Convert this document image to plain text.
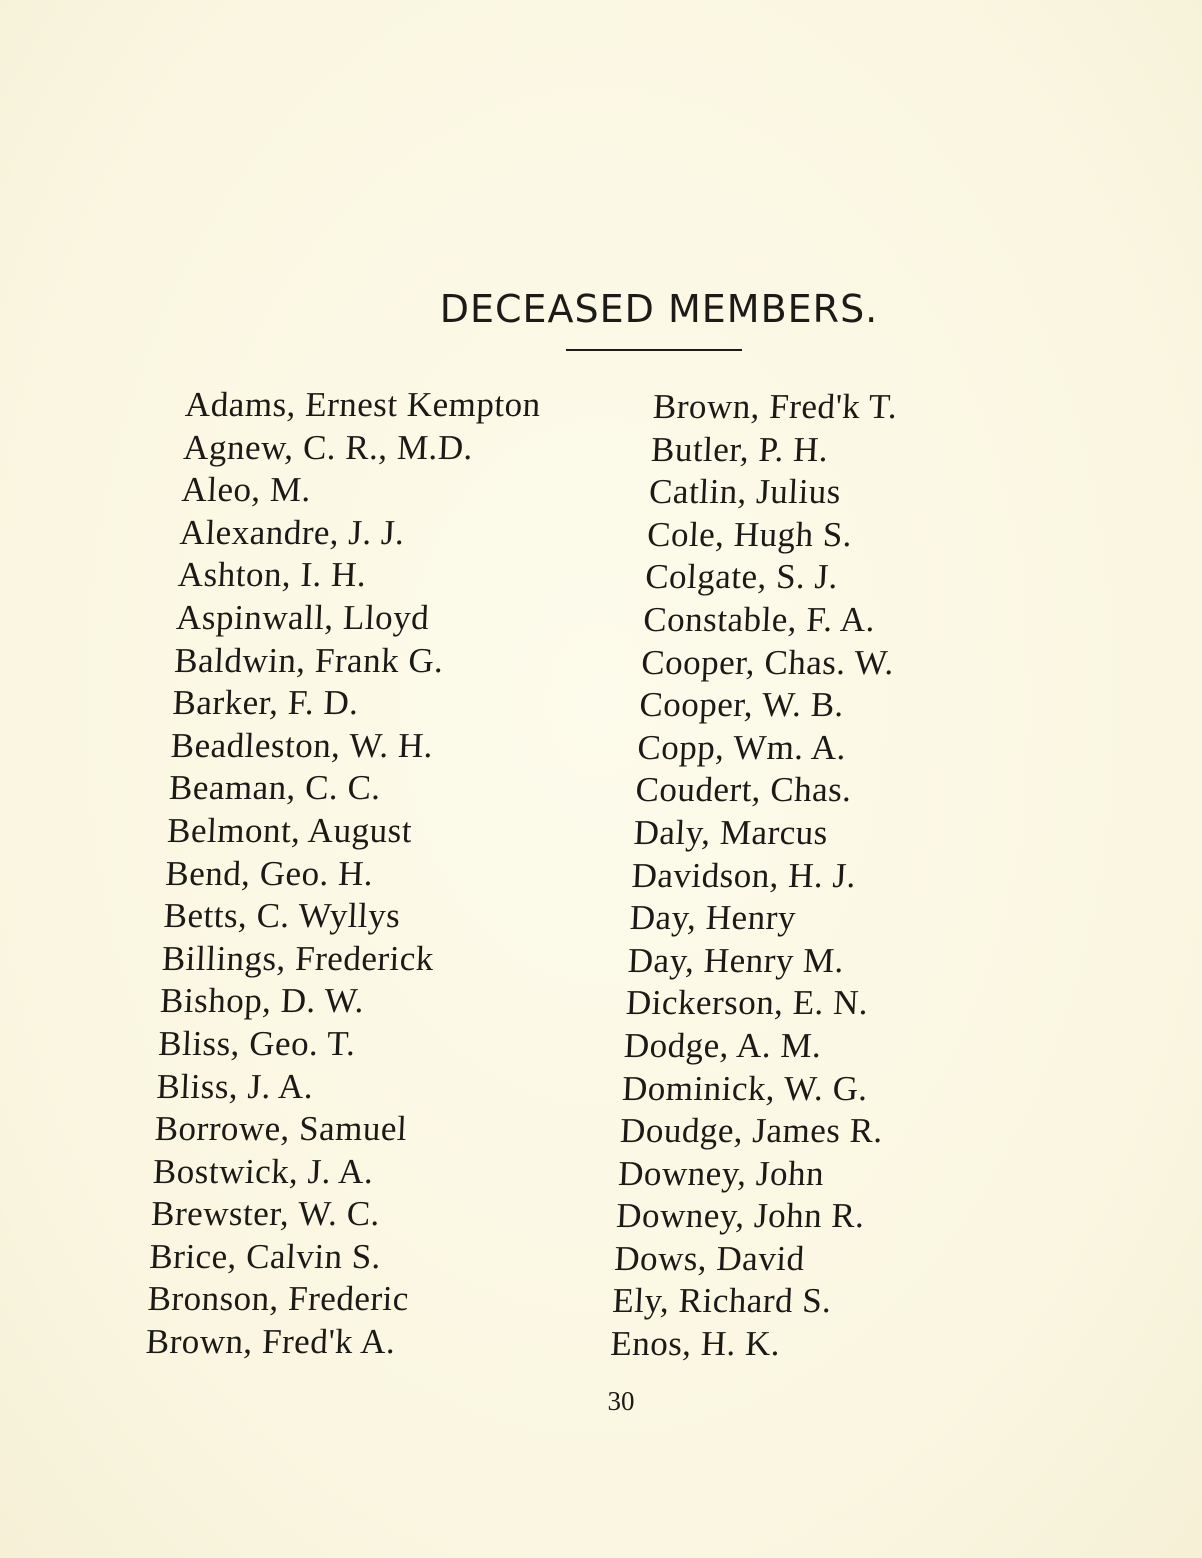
DECEASED MEMBERS.
Adams, Ernest Kempton
Agnew, C. R., M.D.
Aleo, M.
Alexandre, J. J.
Ashton, I. H.
Aspinwall, Lloyd
Baldwin, Frank G.
Barker, F. D.
Beadleston, W. H.
Beaman, C. C.
Belmont, August
Bend, Geo. H.
Betts, C. Wyllys
Billings, Frederick
Bishop, D. W.
Bliss, Geo. T.
Bliss, J. A.
Borrowe, Samuel
Bostwick, J. A.
Brewster, W. C.
Brice, Calvin S.
Bronson, Frederic
Brown, Fred'k A.
Brown, Fred'k T.
Butler, P. H.
Catlin, Julius
Cole, Hugh S.
Colgate, S. J.
Constable, F. A.
Cooper, Chas. W.
Cooper, W. B.
Copp, Wm. A.
Coudert, Chas.
Daly, Marcus
Davidson, H. J.
Day, Henry
Day, Henry M.
Dickerson, E. N.
Dodge, A. M.
Dominick, W. G.
Doudge, James R.
Downey, John
Downey, John R.
Dows, David
Ely, Richard S.
Enos, H. K.
30
